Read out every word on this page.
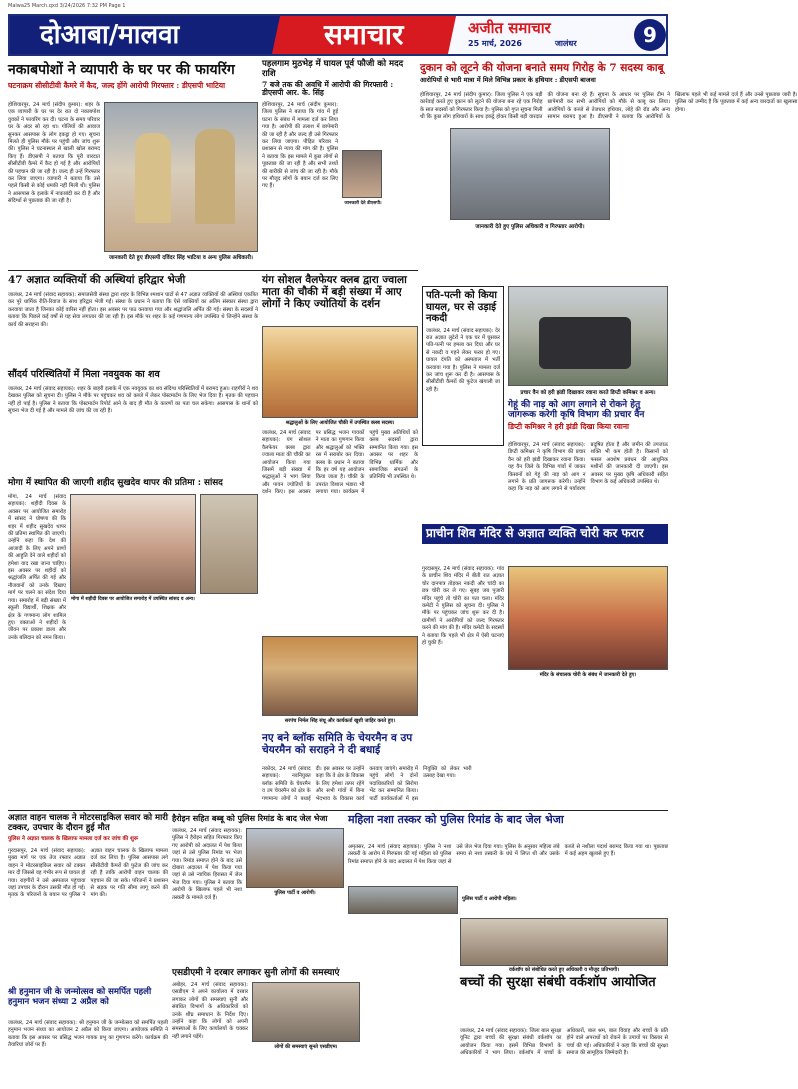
Malwa25 March.qxd 3/24/2026 7:32 PM Page 1
दोआबा/मालवा	समाचार	अजीत समाचार
25 मार्च, 2026	जालंधर	9
नकाबपोशों ने व्यापारी के घर पर की फायरिंग
घटनाक्रम सीसीटीवी कैमरे में कैद, जल्द होंगे आरोपी गिरफ्तार : डीएसपी भाटिया
होशियारपुर, 24 मार्च (संदीप कुमार): शहर के एक व्यापारी के घर पर देर रात दो नकाबपोश युवकों ने फायरिंग कर दी। घटना के समय परिवार घर के अंदर सो रहा था। गोलियों की आवाज सुनकर आसपास के लोग इकट्ठा हो गए। सूचना मिलते ही पुलिस मौके पर पहुंची और जांच शुरू की। पुलिस ने घटनास्थल से खाली खोल बरामद किए हैं। डीएसपी ने बताया कि पूरी वारदात सीसीटीवी कैमरे में कैद हो गई है और आरोपियों की पहचान की जा रही है। जल्द ही उन्हें गिरफ्तार कर लिया जाएगा। व्यापारी ने बताया कि उसे पहले किसी से कोई धमकी नहीं मिली थी। पुलिस ने आसपास के इलाके में नाकाबंदी कर दी है और संदिग्धों से पूछताछ की जा रही है।
जानकारी देते हुए डीएसपी दविंदर सिंह भाटिया व अन्य पुलिस अधिकारी।
पहलगाम मुठभेड़ में घायल पूर्व फौजी को मदद राशि
7 बजे तक की अवधि में आरोपी की गिरफ्तारी : डीएसपी आर. के. सिंह
होशियारपुर, 24 मार्च (संदीप कुमार): जिला पुलिस ने बताया कि गांव में हुई घटना के संबंध में मामला दर्ज कर लिया गया है। आरोपी की तलाश में छापेमारी की जा रही है और जल्द ही उसे गिरफ्तार कर लिया जाएगा। पीड़ित परिवार ने प्रशासन से न्याय की मांग की है। पुलिस ने बताया कि इस मामले में कुछ लोगों से पूछताछ की जा रही है और सभी तथ्यों की बारीकी से जांच की जा रही है। मौके पर मौजूद लोगों के बयान दर्ज कर लिए गए हैं।
जानकारी देते डीएसपी।
दुकान को लूटने की योजना बनाते समय गिरोह के 7 सदस्य काबू
आरोपियों से भारी मात्रा में मिले विभिन्न प्रकार के हथियार : डीएसपी बाजवा
होशियारपुर, 24 मार्च (संदीप कुमार): जिला पुलिस ने एक बड़ी कार्रवाई करते हुए दुकान को लूटने की योजना बना रहे एक गिरोह के सात सदस्यों को गिरफ्तार किया है। पुलिस को गुप्त सूचना मिली थी कि कुछ लोग हथियारों के साथ इकट्ठे होकर किसी बड़ी वारदात की योजना बना रहे हैं। सूचना के आधार पर पुलिस टीम ने छापेमारी कर सभी आरोपियों को मौके से काबू कर लिया। आरोपियों के कब्जे से तेजधार हथियार, लोहे की रॉड और अन्य सामान बरामद हुआ है। डीएसपी ने बताया कि आरोपियों के खिलाफ पहले भी कई मामले दर्ज हैं और उनसे पूछताछ जारी है। पुलिस को उम्मीद है कि पूछताछ में कई अन्य वारदातों का खुलासा होगा।
जानकारी देते हुए पुलिस अधिकारी व गिरफ्तार आरोपी।
47 अज्ञात व्यक्तियों की अस्थियां हरिद्वार भेजी
जालंधर, 24 मार्च (संवाद सहायक): समाजसेवी संस्था द्वारा शहर के विभिन्न श्मशान घाटों से 47 अज्ञात व्यक्तियों की अस्थियां एकत्रित कर पूरे धार्मिक रीति-रिवाज के साथ हरिद्वार भेजी गईं। संस्था के प्रधान ने बताया कि ऐसे व्यक्तियों का अंतिम संस्कार संस्था द्वारा करवाया जाता है जिनका कोई वारिस नहीं होता। इस अवसर पर पाठ करवाया गया और श्रद्धांजलि अर्पित की गई। संस्था के सदस्यों ने बताया कि पिछले कई वर्षों से यह सेवा लगातार की जा रही है। इस मौके पर शहर के कई गणमान्य लोग उपस्थित थे जिन्होंने संस्था के कार्य की सराहना की।
सौंदर्य परिस्थितियों में मिला नवयुवक का शव
जालंधर, 24 मार्च (संवाद सहायक): शहर के बाहरी इलाके में एक नवयुवक का शव संदिग्ध परिस्थितियों में बरामद हुआ। राहगीरों ने शव देखकर पुलिस को सूचना दी। पुलिस ने मौके पर पहुंचकर शव को कब्जे में लेकर पोस्टमार्टम के लिए भेज दिया है। मृतक की पहचान नहीं हो पाई है। पुलिस ने बताया कि पोस्टमार्टम रिपोर्ट आने के बाद ही मौत के कारणों का पता चल सकेगा। आसपास के थानों को सूचना भेज दी गई है और मामले की जांच की जा रही है।
मोगा में स्थापित की जाएगी शहीद सुखदेव थापर की प्रतिमा : सांसद
मोगा, 24 मार्च (संवाद सहायक): शहीदी दिवस के अवसर पर आयोजित समारोह में सांसद ने घोषणा की कि शहर में शहीद सुखदेव थापर की प्रतिमा स्थापित की जाएगी। उन्होंने कहा कि देश की आजादी के लिए अपने प्राणों की आहुति देने वाले शहीदों को हमेशा याद रखा जाना चाहिए। इस अवसर पर शहीदों को श्रद्धांजलि अर्पित की गई और नौजवानों को उनके दिखाए मार्ग पर चलने का संदेश दिया गया। समारोह में बड़ी संख्या में स्कूली विद्यार्थी, शिक्षक और क्षेत्र के गणमान्य लोग शामिल हुए। वक्ताओं ने शहीदों के जीवन पर प्रकाश डाला और उनके बलिदान को नमन किया।
मोगा में शहीदी दिवस पर आयोजित समारोह में उपस्थित सांसद व अन्य।
यंग सोशल वैलफेयर क्लब द्वारा ज्वाला माता की चौकी में बड़ी संख्या में आए लोगों ने किए ज्योतियों के दर्शन
श्रद्धालुओं के लिए आयोजित चौकी में उपस्थित क्लब सदस्य।
जालंधर, 24 मार्च (संवाद सहायक): यंग सोशल वैलफेयर क्लब द्वारा ज्वाला माता की चौकी का आयोजन किया गया जिसमें बड़ी संख्या में श्रद्धालुओं ने भाग लिया और पावन ज्योतियों के दर्शन किए। इस अवसर पर प्रसिद्ध भजन गायकों ने माता का गुणगान किया और श्रद्धालुओं को भक्ति रस में सराबोर कर दिया। क्लब के प्रधान ने बताया कि हर वर्ष यह आयोजन किया जाता है। चौकी के उपरांत विशाल भंडारा भी लगाया गया। कार्यक्रम में पहुंचे मुख्य अतिथियों को क्लब सदस्यों द्वारा सम्मानित किया गया। इस अवसर पर शहर के विभिन्न धार्मिक और सामाजिक संगठनों के प्रतिनिधि भी उपस्थित थे।
पति-पत्नी को किया घायल, घर से उड़ाई नकदी
जालंधर, 24 मार्च (संवाद सहायक): देर रात अज्ञात लुटेरों ने एक घर में घुसकर पति-पत्नी पर हमला कर दिया और घर से नकदी व गहने लेकर फरार हो गए। घायल दंपति को अस्पताल में भर्ती करवाया गया है। पुलिस ने मामला दर्ज कर जांच शुरू कर दी है। आसपास के सीसीटीवी कैमरों की फुटेज खंगाली जा रही है।
प्रचार वैन को हरी झंडी दिखाकर रवाना करते डिप्टी कमिश्नर व अन्य।
गेहूं की नाड़ को आग लगाने से रोकने हेतु जागरूक करेगी कृषि विभाग की प्रचार वैन
डिप्टी कमिश्नर ने हरी झंडी दिखा किया रवाना
होशियारपुर, 24 मार्च (संवाद सहायक): डिप्टी कमिश्नर ने कृषि विभाग की प्रचार वैन को हरी झंडी दिखाकर रवाना किया। यह वैन जिले के विभिन्न गांवों में जाकर किसानों को गेहूं की नाड़ को आग न लगाने के प्रति जागरूक करेगी। उन्होंने कहा कि नाड़ को आग लगाने से पर्यावरण प्रदूषित होता है और जमीन की उपजाऊ शक्ति भी कम होती है। किसानों को फसल अवशेष प्रबंधन की आधुनिक मशीनों की जानकारी दी जाएगी। इस अवसर पर मुख्य कृषि अधिकारी सहित विभाग के कई अधिकारी उपस्थित थे।
प्राचीन शिव मंदिर से अज्ञात व्यक्ति चोरी कर फरार
गुरदासपुर, 24 मार्च (संवाद सहायक): गांव के प्राचीन शिव मंदिर में बीती रात अज्ञात चोर दानपात्र तोड़कर नकदी और चांदी का छत्र चोरी कर ले गए। सुबह जब पुजारी मंदिर पहुंचे तो चोरी का पता चला। मंदिर कमेटी ने पुलिस को सूचना दी। पुलिस ने मौके पर पहुंचकर जांच शुरू कर दी है। ग्रामीणों ने आरोपियों को जल्द गिरफ्तार करने की मांग की है। मंदिर कमेटी के सदस्यों ने बताया कि पहले भी क्षेत्र में ऐसी घटनाएं हो चुकी हैं।
मंदिर के संचालक चोरी के संबंध में जानकारी देते हुए।
सरपंच निर्मल सिंह संधू और कार्यकर्ता खुशी जाहिर करते हुए।
नए बने ब्लॉक समिति के चेयरमैन व उप चेयरमैन को सराहने ने दी बधाई
नकोदर, 24 मार्च (संवाद सहायक): नवनियुक्त ब्लॉक समिति के चेयरमैन व उप चेयरमैन को क्षेत्र के गणमान्य लोगों ने बधाई दी। इस अवसर पर उन्होंने कहा कि वे क्षेत्र के विकास के लिए हमेशा तत्पर रहेंगे और सभी गांवों में बिना भेदभाव के विकास कार्य करवाए जाएंगे। समारोह में पहुंचे लोगों ने दोनों पदाधिकारियों को सिरोपा भेंट कर सम्मानित किया। पार्टी कार्यकर्ताओं में इस नियुक्ति को लेकर भारी उत्साह देखा गया।
अज्ञात वाहन चालक ने मोटरसाइकिल सवार को मारी टक्कर, उपचार के दौरान हुई मौत
पुलिस ने अज्ञात चालक के खिलाफ मामला दर्ज कर जांच की शुरू
गुरदासपुर, 24 मार्च (संवाद सहायक): मुख्य मार्ग पर एक तेज रफ्तार अज्ञात वाहन ने मोटरसाइकिल सवार को टक्कर मार दी जिससे वह गंभीर रूप से घायल हो गया। राहगीरों ने उसे अस्पताल पहुंचाया जहां उपचार के दौरान उसकी मौत हो गई। मृतक के परिजनों के बयान पर पुलिस ने अज्ञात वाहन चालक के खिलाफ मामला दर्ज कर लिया है। पुलिस आसपास लगे सीसीटीवी कैमरों की फुटेज की जांच कर रही है ताकि आरोपी वाहन चालक की पहचान की जा सके। परिजनों ने प्रशासन से सड़क पर गति सीमा लागू करने की मांग की।
हैरोइन सहित बब्बू को पुलिस रिमांड के बाद जेल भेजा
जालंधर, 24 मार्च (संवाद सहायक): पुलिस ने हैरोइन सहित गिरफ्तार किए गए आरोपी को अदालत में पेश किया जहां से उसे पुलिस रिमांड पर भेजा गया। रिमांड समाप्त होने के बाद उसे दोबारा अदालत में पेश किया गया जहां से उसे न्यायिक हिरासत में जेल भेज दिया गया। पुलिस ने बताया कि आरोपी के खिलाफ पहले भी नशा तस्करी के मामले दर्ज हैं।
पुलिस पार्टी व आरोपी।
महिला नशा तस्कर को पुलिस रिमांड के बाद जेल भेजा
अमृतसर, 24 मार्च (संवाद सहायक): पुलिस ने नशा तस्करी के आरोप में गिरफ्तार की गई महिला को पुलिस रिमांड समाप्त होने के बाद अदालत में पेश किया जहां से उसे जेल भेज दिया गया। पुलिस के अनुसार महिला लंबे समय से नशा तस्करी के धंधे में लिप्त थी और उसके कब्जे से नशीला पदार्थ बरामद किया गया था। पूछताछ में कई अहम खुलासे हुए हैं।
पुलिस पार्टी व आरोपी महिला।
वर्कशॉप को संबोधित करते हुए अधिकारी व मौजूद प्रतिभागी।
बच्चों की सुरक्षा संबंधी वर्कशॉप आयोजित
जालंधर, 24 मार्च (संवाद सहायक): जिला बाल सुरक्षा यूनिट द्वारा बच्चों की सुरक्षा संबंधी वर्कशॉप का आयोजन किया गया। इसमें विभिन्न विभागों के अधिकारियों ने भाग लिया। वर्कशॉप में बच्चों के अधिकारों, बाल श्रम, बाल विवाह और बच्चों के प्रति होने वाले अपराधों को रोकने के उपायों पर विस्तार से चर्चा की गई। अधिकारियों ने कहा कि बच्चों की सुरक्षा समाज की सामूहिक जिम्मेदारी है।
एसडीएमी ने दरबार लगाकर सुनी लोगों की समस्याएं
अबोहर, 24 मार्च (संवाद सहायक): एसडीएम ने अपने कार्यालय में दरबार लगाकर लोगों की समस्याएं सुनीं और संबंधित विभागों के अधिकारियों को उनके शीघ्र समाधान के निर्देश दिए। उन्होंने कहा कि लोगों को अपनी समस्याओं के लिए कार्यालयों के चक्कर नहीं लगाने पड़ेंगे।
लोगों की समस्याएं सुनते एसडीएम।
श्री हनुमान जी के जन्मोत्सव को समर्पित पहली हनुमान भजन संध्या 2 अप्रैल को
जालंधर, 24 मार्च (संवाद सहायक): श्री हनुमान जी के जन्मोत्सव को समर्पित पहली हनुमान भजन संध्या का आयोजन 2 अप्रैल को किया जाएगा। आयोजक समिति ने बताया कि इस अवसर पर प्रसिद्ध भजन गायक प्रभु का गुणगान करेंगे। कार्यक्रम की तैयारियां जोरों पर हैं।
